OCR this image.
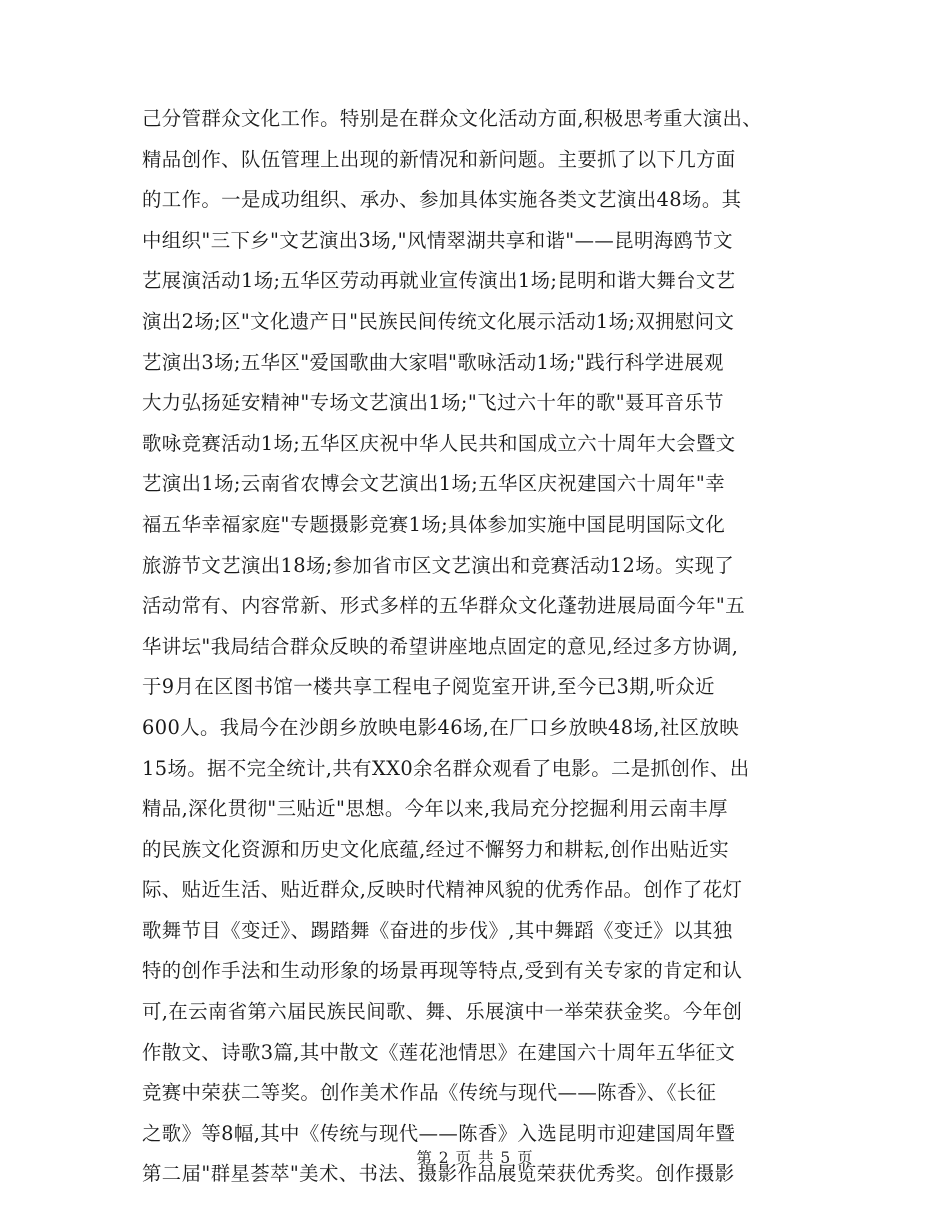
己分管群众文化工作。特别是在群众文化活动方面,积极思考重大演出、
精品创作、队伍管理上出现的新情况和新问题。主要抓了以下几方面
的工作。一是成功组织、承办、参加具体实施各类文艺演出48场。其
中组织"三下乡"文艺演出3场,"风情翠湖共享和谐"——昆明海鸥节文
艺展演活动1场;五华区劳动再就业宣传演出1场;昆明和谐大舞台文艺
演出2场;区"文化遗产日"民族民间传统文化展示活动1场;双拥慰问文
艺演出3场;五华区"爱国歌曲大家唱"歌咏活动1场;"践行科学进展观
大力弘扬延安精神"专场文艺演出1场;"飞过六十年的歌"聂耳音乐节
歌咏竞赛活动1场;五华区庆祝中华人民共和国成立六十周年大会暨文
艺演出1场;云南省农博会文艺演出1场;五华区庆祝建国六十周年"幸
福五华幸福家庭"专题摄影竞赛1场;具体参加实施中国昆明国际文化
旅游节文艺演出18场;参加省市区文艺演出和竞赛活动12场。实现了
活动常有、内容常新、形式多样的五华群众文化蓬勃进展局面今年"五
华讲坛"我局结合群众反映的希望讲座地点固定的意见,经过多方协调,
于9月在区图书馆一楼共享工程电子阅览室开讲,至今已3期,听众近
600人。我局今在沙朗乡放映电影46场,在厂口乡放映48场,社区放映
15场。据不完全统计,共有XX0余名群众观看了电影。二是抓创作、出
精品,深化贯彻"三贴近"思想。今年以来,我局充分挖掘利用云南丰厚
的民族文化资源和历史文化底蕴,经过不懈努力和耕耘,创作出贴近实
际、贴近生活、贴近群众,反映时代精神风貌的优秀作品。创作了花灯
歌舞节目《变迁》、踢踏舞《奋进的步伐》,其中舞蹈《变迁》以其独
特的创作手法和生动形象的场景再现等特点,受到有关专家的肯定和认
可,在云南省第六届民族民间歌、舞、乐展演中一举荣获金奖。今年创
作散文、诗歌3篇,其中散文《莲花池情思》在建国六十周年五华征文
竞赛中荣获二等奖。创作美术作品《传统与现代——陈香》、《长征
之歌》等8幅,其中《传统与现代——陈香》入选昆明市迎建国周年暨
第二届"群星荟萃"美术、书法、摄影作品展览荣获优秀奖。创作摄影
第 2 页 共 5 页
